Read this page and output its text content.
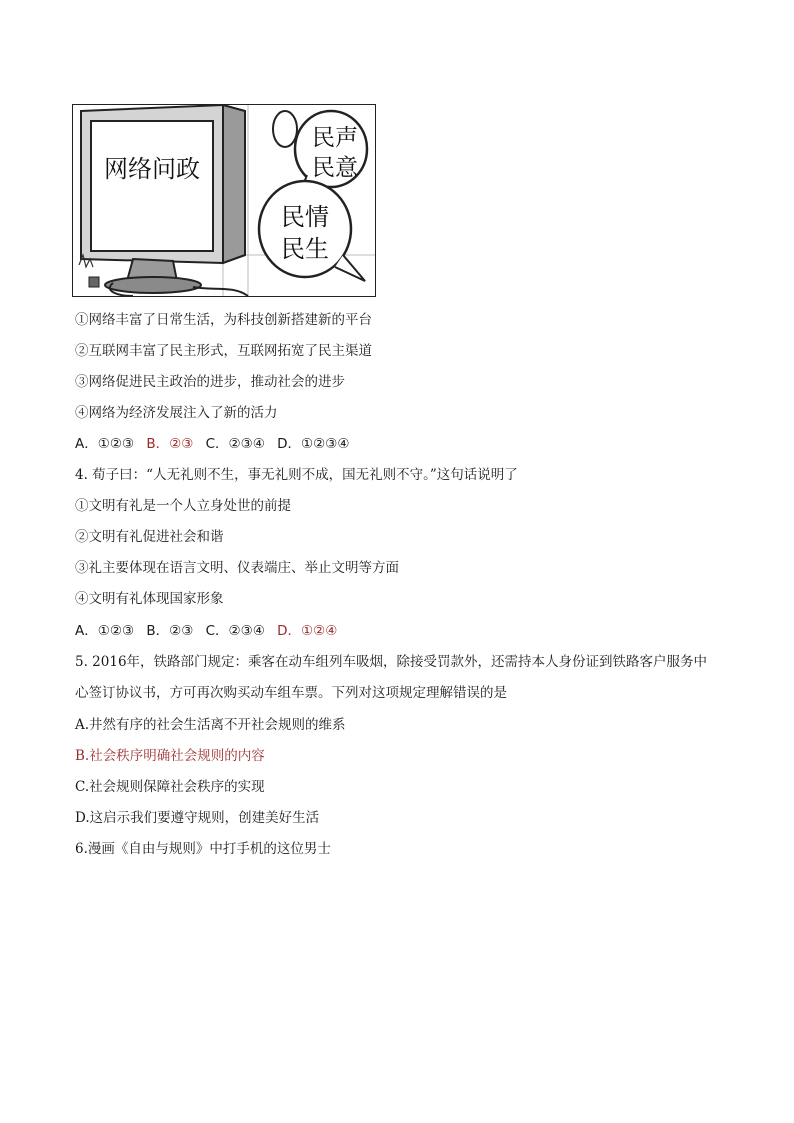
网络问政
民声
民意
民情
民生
①网络丰富了日常生活，为科技创新搭建新的平台
②互联网丰富了民主形式，互联网拓宽了民主渠道
③网络促进民主政治的进步，推动社会的进步
④网络为经济发展注入了新的活力
A．①②③ B．②③ C．②③④ D．①②③④
4. 荀子曰：“人无礼则不生，事无礼则不成，国无礼则不守。”这句话说明了
①文明有礼是一个人立身处世的前提
②文明有礼促进社会和谐
③礼主要体现在语言文明、仪表端庄、举止文明等方面
④文明有礼体现国家形象
A．①②③ B．②③ C．②③④ D．①②④
5. 2016年，铁路部门规定：乘客在动车组列车吸烟，除接受罚款外，还需持本人身份证到铁路客户服务中
心签订协议书，方可再次购买动车组车票。下列对这项规定理解错误的是
A.井然有序的社会生活离不开社会规则的维系
B.社会秩序明确社会规则的内容
C.社会规则保障社会秩序的实现
D.这启示我们要遵守规则，创建美好生活
6.漫画《自由与规则》中打手机的这位男士
